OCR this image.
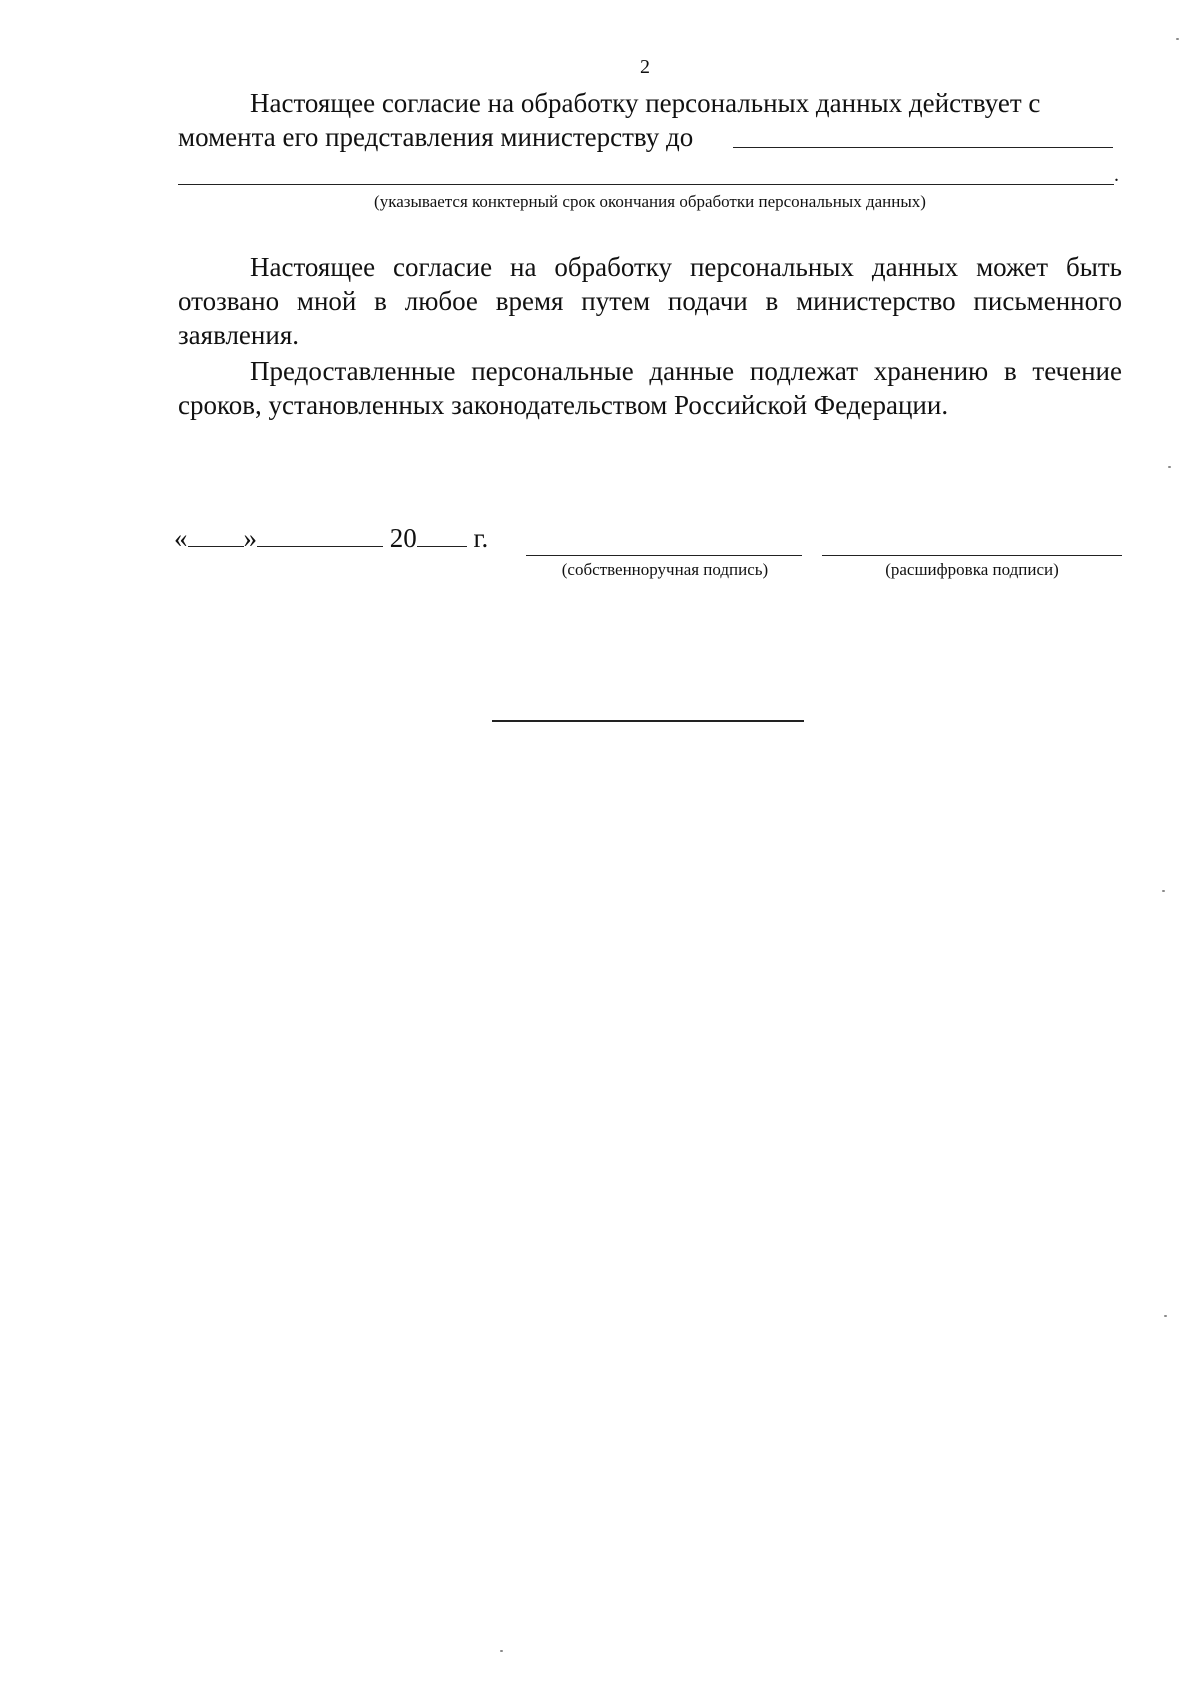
2

Настоящее согласие на обработку персональных данных действует с

момента его представления министерству до
.
(указывается конктерный срок окончания обработки персональных данных)

Настоящее согласие на обработку персональных данных может быть отозвано мной в любое время путем подачи в министерство письменного заявления.

Предоставленные персональные данные подлежат хранению в течение сроков, установленных законодательством Российской Федерации.

« »	20 г.
(собственноручная подпись)	(расшифровка подписи)
